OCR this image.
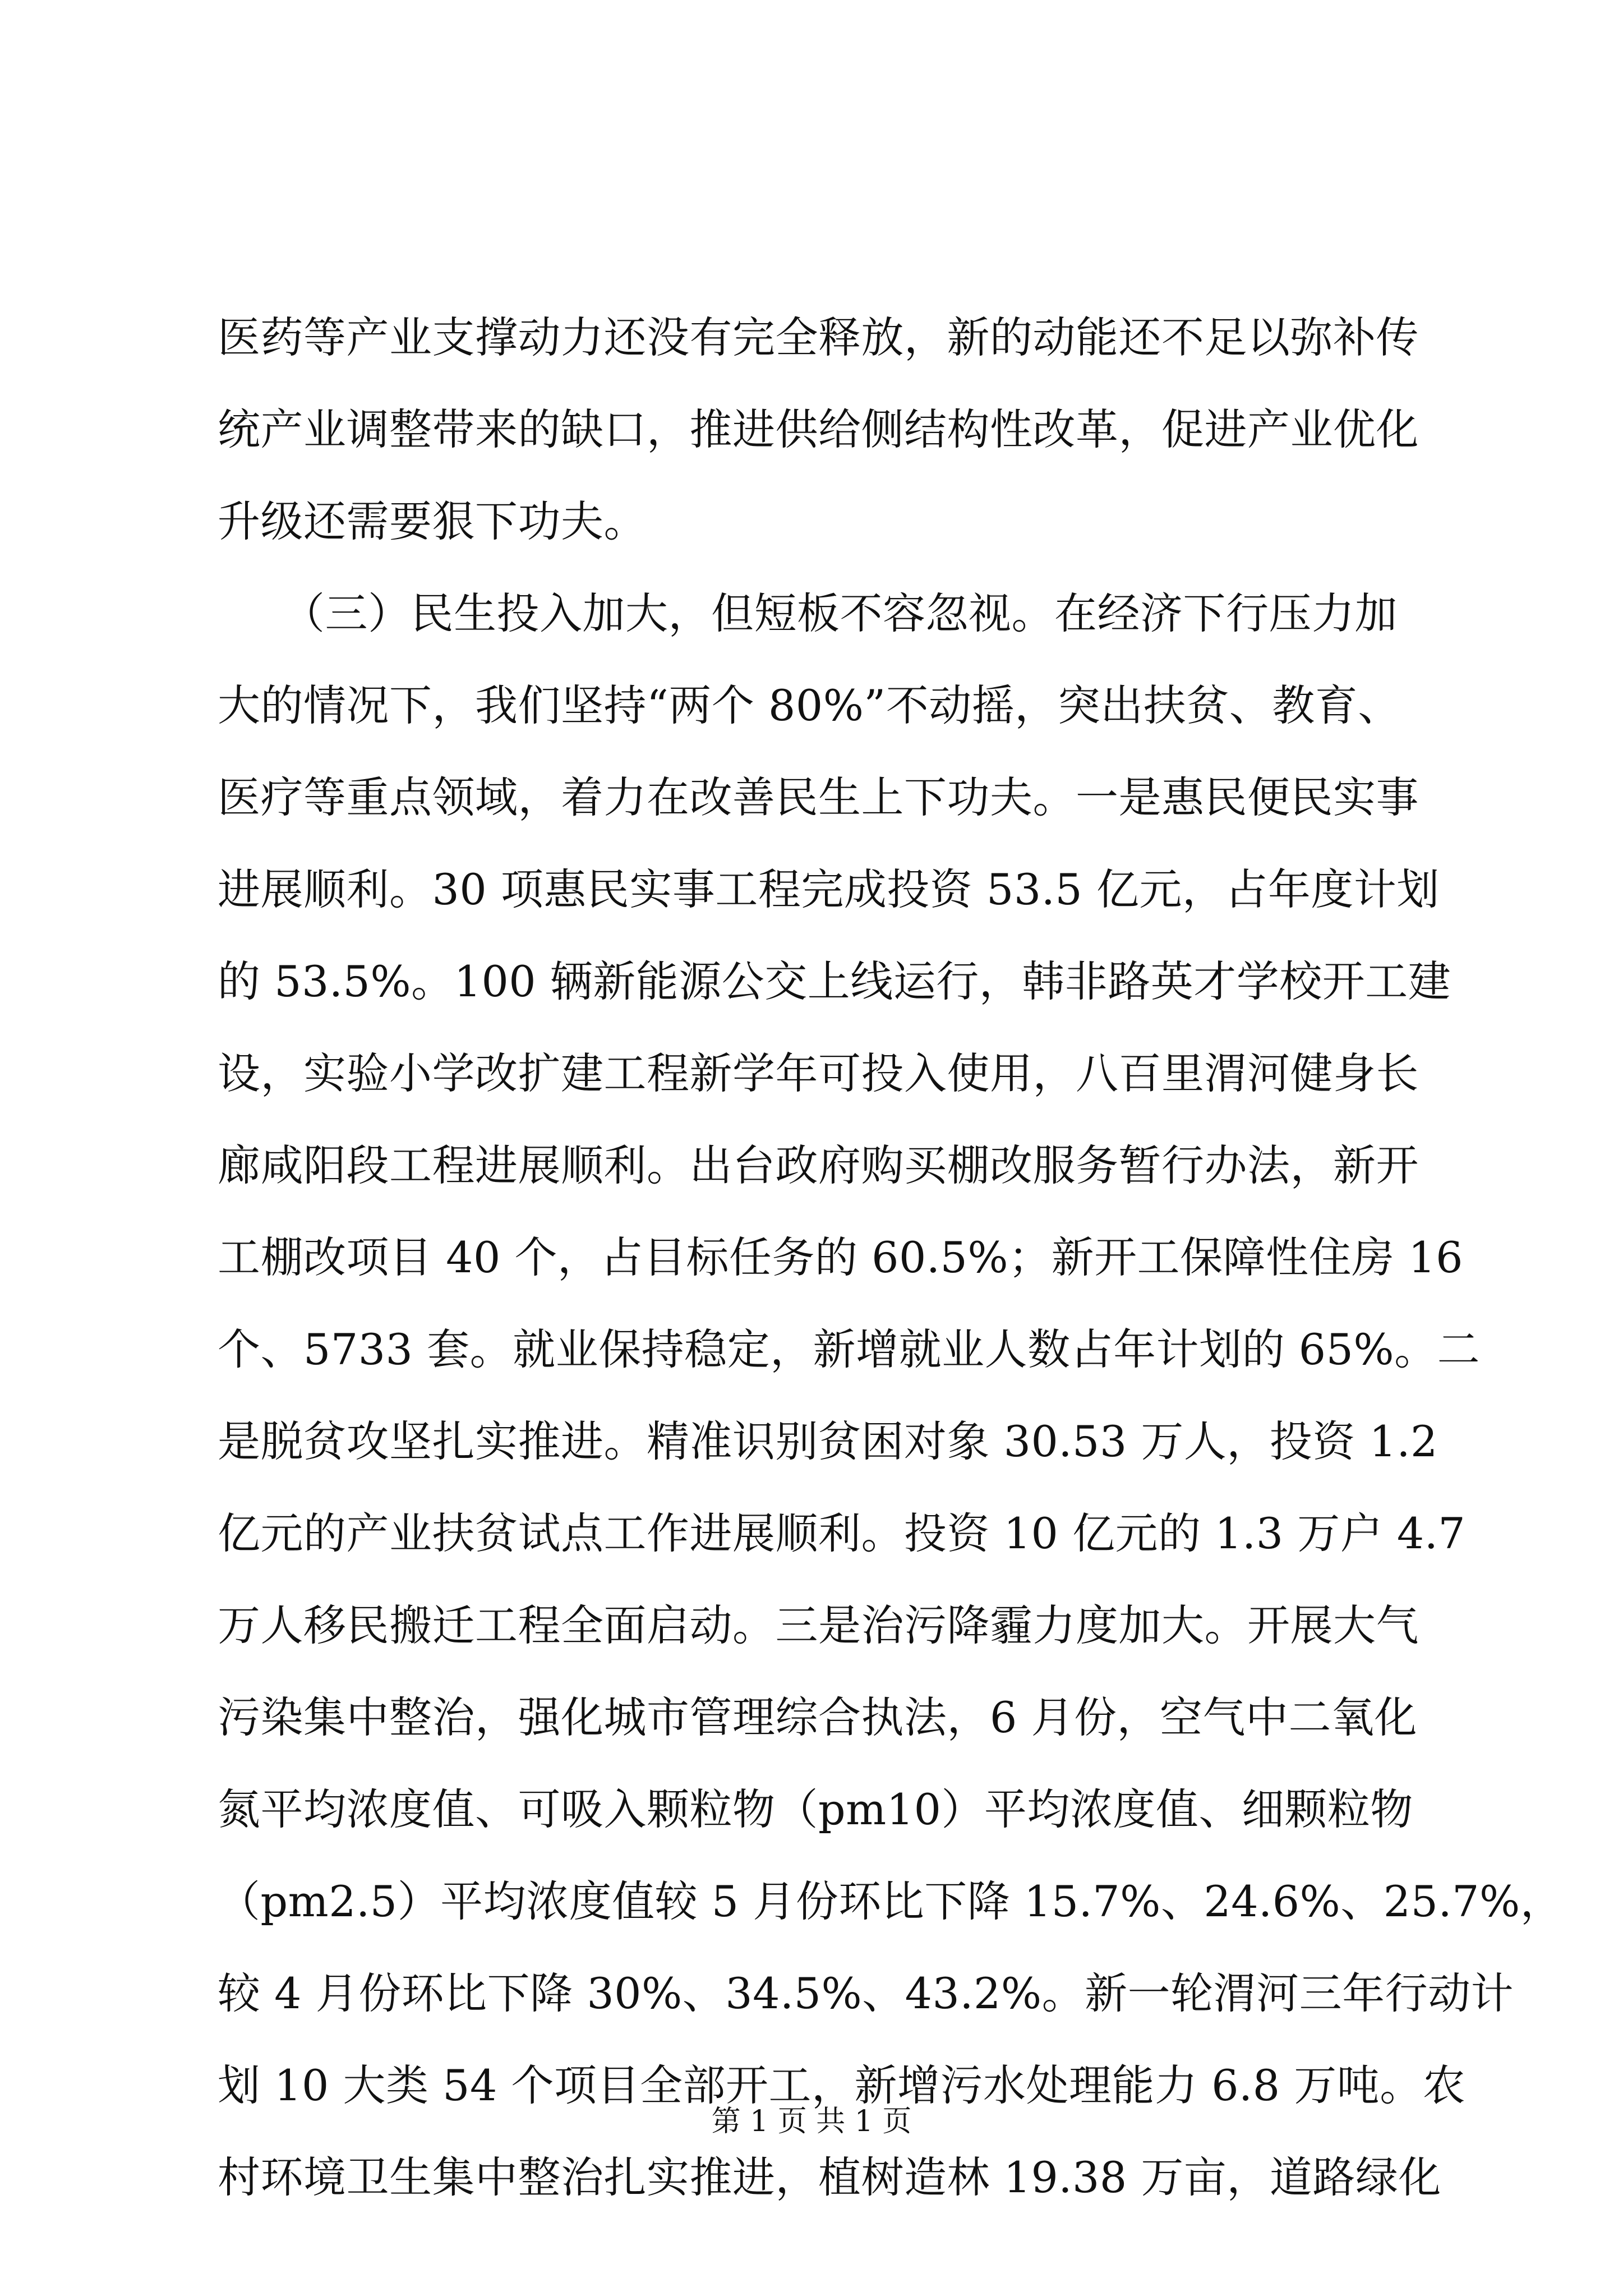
医药等产业支撑动力还没有完全释放，新的动能还不足以弥补传
统产业调整带来的缺口，推进供给侧结构性改革，促进产业优化
升级还需要狠下功夫。
　　（三）民生投入加大，但短板不容忽视。在经济下行压力加
大的情况下，我们坚持“两个 80%”不动摇，突出扶贫、教育、
医疗等重点领域，着力在改善民生上下功夫。一是惠民便民实事
进展顺利。30 项惠民实事工程完成投资 53.5 亿元，占年度计划
的 53.5%。100 辆新能源公交上线运行，韩非路英才学校开工建
设，实验小学改扩建工程新学年可投入使用，八百里渭河健身长
廊咸阳段工程进展顺利。出台政府购买棚改服务暂行办法，新开
工棚改项目 40 个，占目标任务的 60.5%；新开工保障性住房 16
个、5733 套。就业保持稳定，新增就业人数占年计划的 65%。二
是脱贫攻坚扎实推进。精准识别贫困对象 30.53 万人，投资 1.2
亿元的产业扶贫试点工作进展顺利。投资 10 亿元的 1.3 万户 4.7
万人移民搬迁工程全面启动。三是治污降霾力度加大。开展大气
污染集中整治，强化城市管理综合执法，6 月份，空气中二氧化
氮平均浓度值、可吸入颗粒物（pm10）平均浓度值、细颗粒物
（pm2.5）平均浓度值较 5 月份环比下降 15.7%、24.6%、25.7%，
较 4 月份环比下降 30%、34.5%、43.2%。新一轮渭河三年行动计
划 10 大类 54 个项目全部开工，新增污水处理能力 6.8 万吨。农
村环境卫生集中整治扎实推进，植树造林 19.38 万亩，道路绿化
第 1 页 共 1 页
